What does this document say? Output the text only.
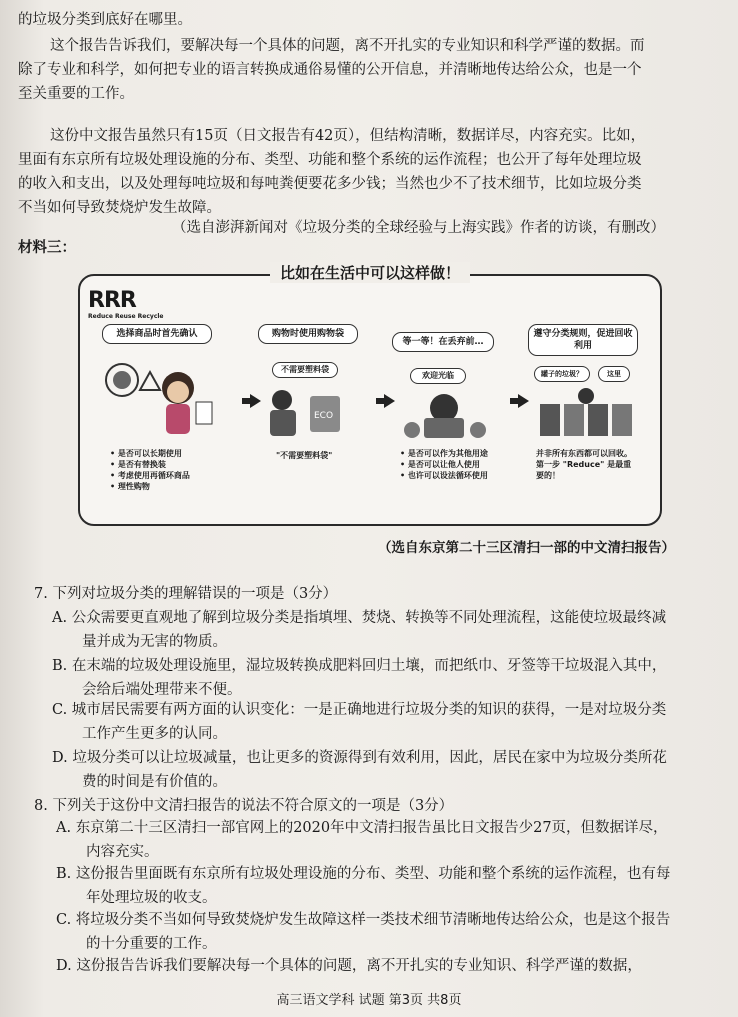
的垃圾分类到底好在哪里。
这个报告告诉我们，要解决每一个具体的问题，离不开扎实的专业知识和科学严谨的数据。而
除了专业和科学，如何把专业的语言转换成通俗易懂的公开信息，并清晰地传达给公众，也是一个
至关重要的工作。
这份中文报告虽然只有15页（日文报告有42页），但结构清晰，数据详尽，内容充实。比如，
里面有东京所有垃圾处理设施的分布、类型、功能和整个系统的运作流程；也公开了每年处理垃圾
的收入和支出，以及处理每吨垃圾和每吨粪便要花多少钱；当然也少不了技术细节，比如垃圾分类
不当如何导致焚烧炉发生故障。
（选自澎湃新闻对《垃圾分类的全球经验与上海实践》作者的访谈，有删改）
材料三：
比如在生活中可以这样做！
RRR
Reduce Reuse Recycle
选择商品时首先确认
• 是否可以长期使用
• 是否有替换装
• 考虑使用再循环商品
• 理性购物
购物时使用购物袋
不需要塑料袋
ECO
"不需要塑料袋"
等一等！在丢弃前…
欢迎光临
• 是否可以作为其他用途
• 是否可以让他人使用
• 也许可以设法循环使用
遵守分类规则，促进回收利用
罐子的垃圾？	这里
并非所有东西都可以回收。
第一步 "Reduce" 是最重
要的！
（选自东京第二十三区清扫一部的中文清扫报告）
7. 下列对垃圾分类的理解错误的一项是（3分）
A. 公众需要更直观地了解到垃圾分类是指填埋、焚烧、转换等不同处理流程，这能使垃圾最终减
量并成为无害的物质。
B. 在末端的垃圾处理设施里，湿垃圾转换成肥料回归土壤，而把纸巾、牙签等干垃圾混入其中，
会给后端处理带来不便。
C. 城市居民需要有两方面的认识变化：一是正确地进行垃圾分类的知识的获得，一是对垃圾分类
工作产生更多的认同。
D. 垃圾分类可以让垃圾减量，也让更多的资源得到有效利用，因此，居民在家中为垃圾分类所花
费的时间是有价值的。
8. 下列关于这份中文清扫报告的说法不符合原文的一项是（3分）
A. 东京第二十三区清扫一部官网上的2020年中文清扫报告虽比日文报告少27页，但数据详尽，
内容充实。
B. 这份报告里面既有东京所有垃圾处理设施的分布、类型、功能和整个系统的运作流程，也有每
年处理垃圾的收支。
C. 将垃圾分类不当如何导致焚烧炉发生故障这样一类技术细节清晰地传达给公众，也是这个报告
的十分重要的工作。
D. 这份报告告诉我们要解决每一个具体的问题，离不开扎实的专业知识、科学严谨的数据，
高三语文学科 试题 第3页 共8页
